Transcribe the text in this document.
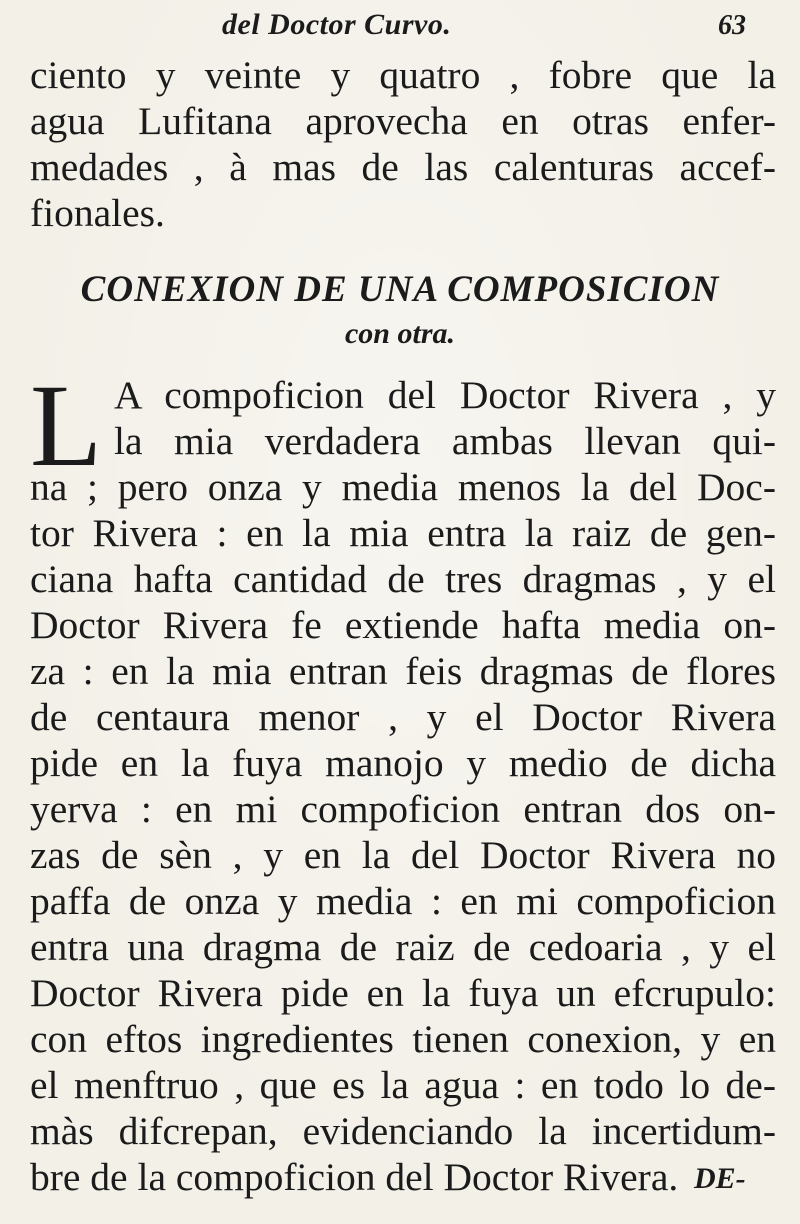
del Doctor Curvo.	63
ciento y veinte y quatro , fobre que la
agua Lufitana aprovecha en otras enfer-
medades , à mas de las calenturas accef-
fionales.
CONEXION DE UNA COMPOSICION
con otra.
L A compoficion del Doctor Rivera , y
la mia verdadera ambas llevan qui-
na ; pero onza y media menos la del Doc-
tor Rivera : en la mia entra la raiz de gen-
ciana hafta cantidad de tres dragmas , y el
Doctor Rivera fe extiende hafta media on-
za : en la mia entran feis dragmas de flores
de centaura menor , y el Doctor Rivera
pide en la fuya manojo y medio de dicha
yerva : en mi compoficion entran dos on-
zas de sèn , y en la del Doctor Rivera no
paffa de onza y media : en mi compoficion
entra una dragma de raiz de cedoaria , y el
Doctor Rivera pide en la fuya un efcrupulo:
con eftos ingredientes tienen conexion, y en
el menftruo , que es la agua : en todo lo de-
màs difcrepan, evidenciando la incertidum-
bre de la compoficion del Doctor Rivera. DE-
